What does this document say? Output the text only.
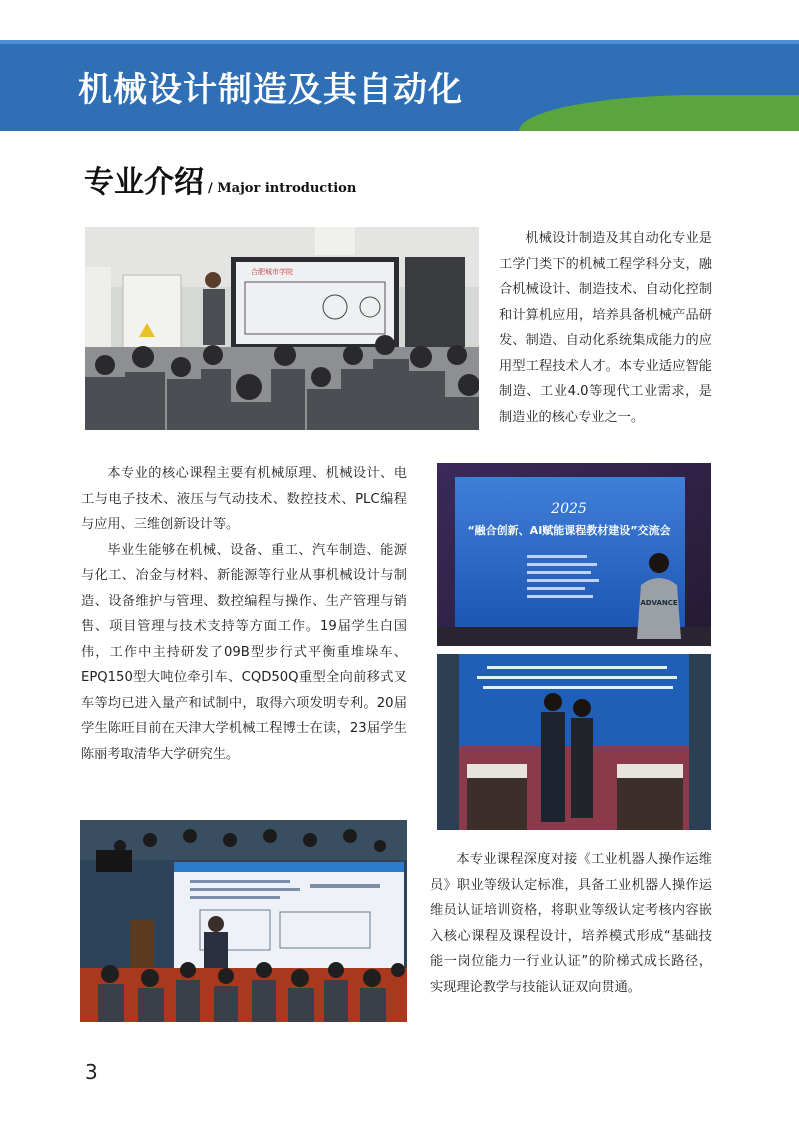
机械设计制造及其自动化
专业介绍 / Major introduction
合肥城市学院

机械设计制造及其自动化专业是工学门类下的机械工程学科分支，融合机械设计、制造技术、自动化控制和计算机应用，培养具备机械产品研发、制造、自动化系统集成能力的应用型工程技术人才。本专业适应智能制造、工业4.0等现代工业需求，是制造业的核心专业之一。

本专业的核心课程主要有机械原理、机械设计、电工与电子技术、液压与气动技术、数控技术、PLC编程与应用、三维创新设计等。

毕业生能够在机械、设备、重工、汽车制造、能源与化工、冶金与材料、新能源等行业从事机械设计与制造、设备维护与管理、数控编程与操作、生产管理与销售、项目管理与技术支持等方面工作。19届学生白国伟，工作中主持研发了09B型步行式平衡重堆垛车、EPQ150型大吨位牵引车、CQD50Q重型全向前移式叉车等均已进入量产和试制中，取得六项发明专利。20届学生陈旺目前在天津大学机械工程博士在读，23届学生陈丽考取清华大学研究生。

2025
“融合创新、AI赋能课程教材建设”交流会
ADVANCE

本专业课程深度对接《工业机器人操作运维员》职业等级认定标准，具备工业机器人操作运维员认证培训资格，将职业等级认定考核内容嵌入核心课程及课程设计，培养模式形成“基础技能一岗位能力一行业认证”的阶梯式成长路径，实现理论教学与技能认证双向贯通。

3
